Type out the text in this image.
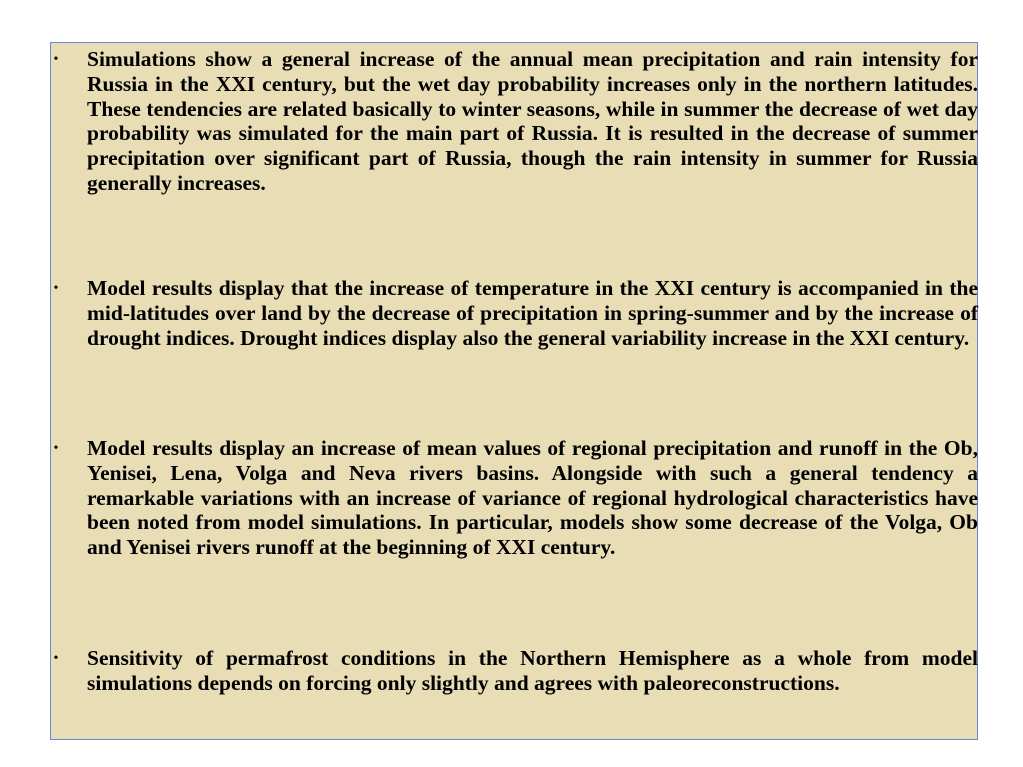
• Simulations show a general increase of the annual mean precipitation and rain intensity for Russia in the XXI century, but the wet day probability increases only in the northern latitudes. These tendencies are related basically to winter seasons, while in summer the decrease of wet day probability was simulated for the main part of Russia. It is resulted in the decrease of summer precipitation over significant part of Russia, though the rain intensity in summer for Russia generally increases.

• Model results display that the increase of temperature in the XXI century is accompanied in the mid-latitudes over land by the decrease of precipitation in spring-summer and by the increase of drought indices. Drought indices display also the general variability increase in the XXI century.

• Model results display an increase of mean values of regional precipitation and runoff in the Ob, Yenisei, Lena, Volga and Neva rivers basins. Alongside with such a general tendency a remarkable variations with an increase of variance of regional hydrological characteristics have been noted from model simulations. In particular, models show some decrease of the Volga, Ob and Yenisei rivers runoff at the beginning of XXI century.

• Sensitivity of permafrost conditions in the Northern Hemisphere as a whole from model simulations depends on forcing only slightly and agrees with paleoreconstructions.
